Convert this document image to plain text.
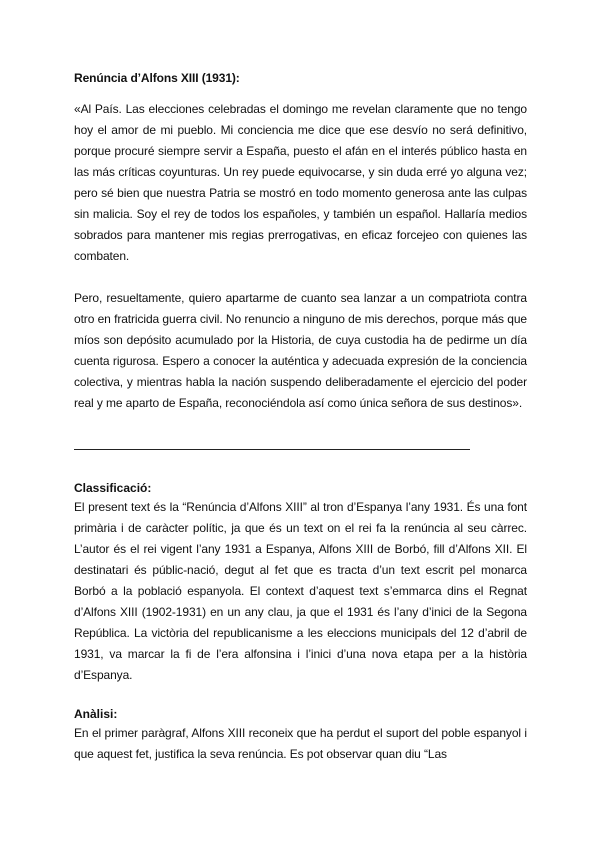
Renúncia d’Alfons XIII (1931):
«Al País. Las elecciones celebradas el domingo me revelan claramente que no tengo hoy el amor de mi pueblo. Mi conciencia me dice que ese desvío no será definitivo, porque procuré siempre servir a España, puesto el afán en el interés público hasta en las más críticas coyunturas. Un rey puede equivocarse, y sin duda erré yo alguna vez; pero sé bien que nuestra Patria se mostró en todo momento generosa ante las culpas sin malicia. Soy el rey de todos los españoles, y también un español. Hallaría medios sobrados para mantener mis regias prerrogativas, en eficaz forcejeo con quienes las combaten.
Pero, resueltamente, quiero apartarme de cuanto sea lanzar a un compatriota contra otro en fratricida guerra civil. No renuncio a ninguno de mis derechos, porque más que míos son depósito acumulado por la Historia, de cuya custodia ha de pedirme un día cuenta rigurosa. Espero a conocer la auténtica y adecuada expresión de la conciencia colectiva, y mientras habla la nación suspendo deliberadamente el ejercicio del poder real y me aparto de España, reconociéndola así como única señora de sus destinos».
Classificació:
El present text és la “Renúncia d’Alfons XIII” al tron d’Espanya l’any 1931. És una font primària i de caràcter polític, ja que és un text on el rei fa la renúncia al seu càrrec. L’autor és el rei vigent l’any 1931 a Espanya, Alfons XIII de Borbó, fill d’Alfons XII. El destinatari és públic-nació, degut al fet que es tracta d’un text escrit pel monarca Borbó a la població espanyola. El context d’aquest text s’emmarca dins el Regnat d’Alfons XIII (1902-1931) en un any clau, ja que el 1931 és l’any d’inici de la Segona República. La victòria del republicanisme a les eleccions municipals del 12 d’abril de 1931, va marcar la fi de l’era alfonsina i l’inici d’una nova etapa per a la història d’Espanya.
Anàlisi:
En el primer paràgraf, Alfons XIII reconeix que ha perdut el suport del poble espanyol i que aquest fet, justifica la seva renúncia. Es pot observar quan diu “Las
